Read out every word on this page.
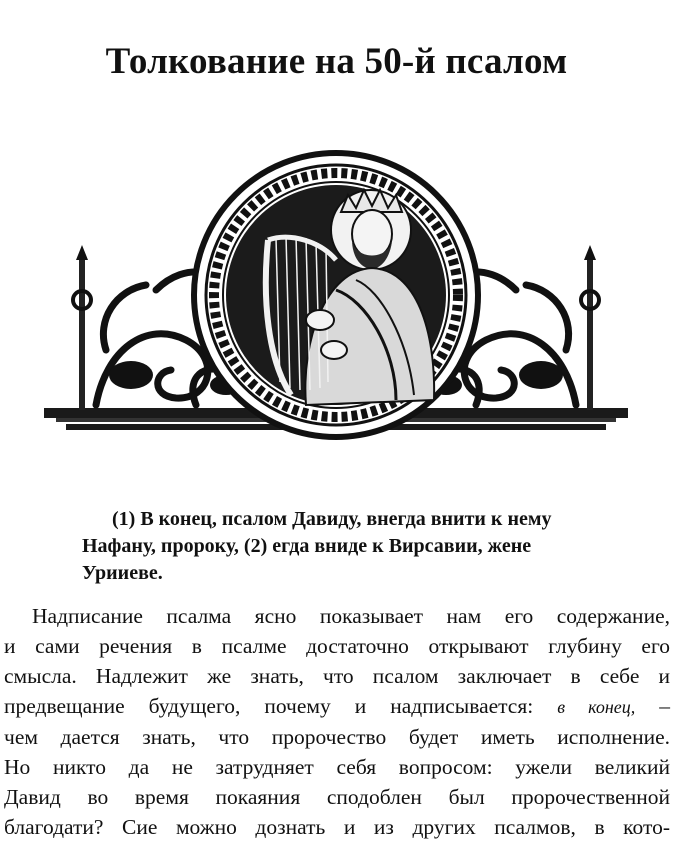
Толкование на 50-й псалом

(1) В конец, псалом Давиду, внегда внити к нему
Нафану, пророку, (2) егда вниде к Вирсавии, жене
Урииеве.

Надписание псалма ясно показывает нам его содержание,
и сами речения в псалме достаточно открывают глубину его
смысла. Надлежит же знать, что псалом заключает в себе и
предвещание будущего, почему и надписывается: в конец, –
чем дается знать, что пророчество будет иметь исполнение.
Но никто да не затрудняет себя вопросом: ужели великий
Давид во время покаяния сподоблен был пророчественной
благодати? Сие можно дознать и из других псалмов, в кото-
